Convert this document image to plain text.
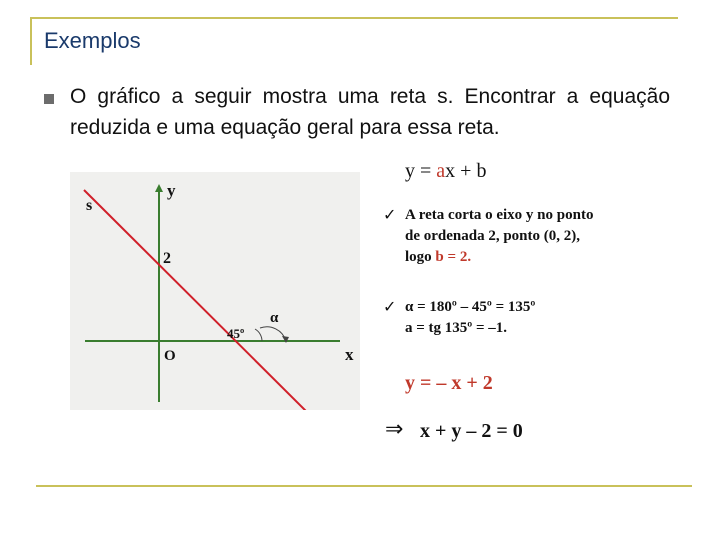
Exemplos
O gráfico a seguir mostra uma reta s. Encontrar a equação reduzida e uma equação geral para essa reta.
s
y
2
O
45º
α
x
y = ax + b
✓ A reta corta o eixo y no ponto
de ordenada 2, ponto (0, 2),
logo b = 2.
✓ α = 180º – 45º = 135º
a = tg 135º = –1.
y = – x + 2
⇒ x + y – 2 = 0
